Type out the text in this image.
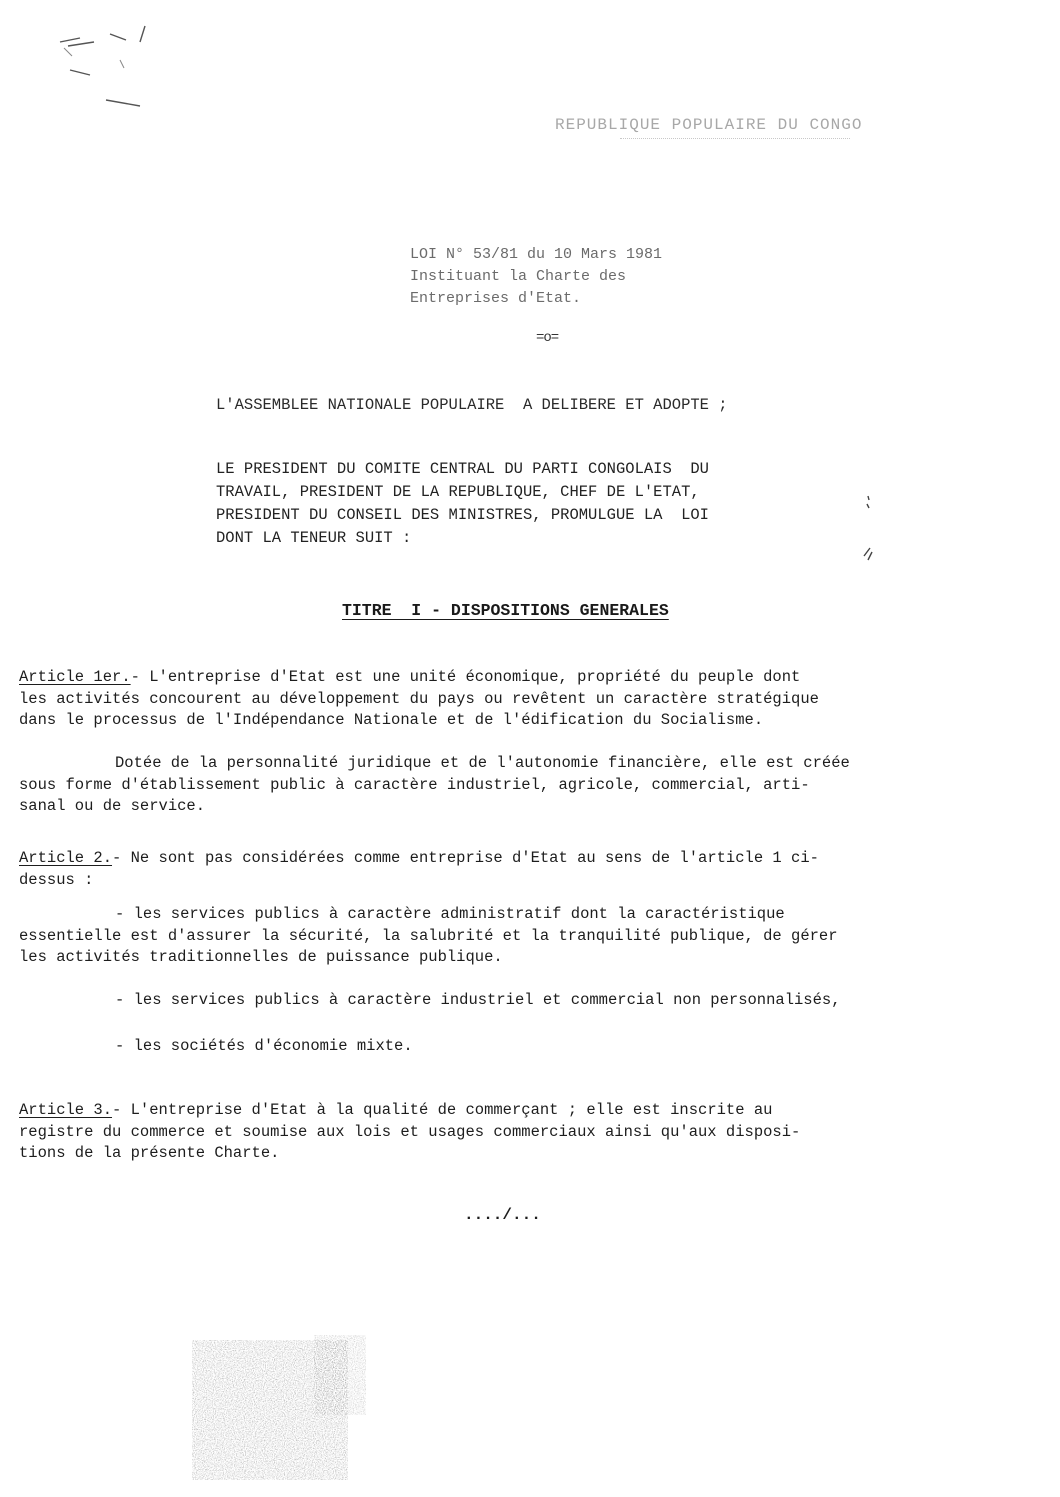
REPUBLIQUE POPULAIRE DU CONGO
LOI N° 53/81 du 10 Mars 1981
Instituant la Charte des
Entreprises d'Etat.
=o=
L'ASSEMBLEE NATIONALE POPULAIRE  A DELIBERE ET ADOPTE ;
LE PRESIDENT DU COMITE CENTRAL DU PARTI CONGOLAIS  DU
TRAVAIL, PRESIDENT DE LA REPUBLIQUE, CHEF DE L'ETAT,
PRESIDENT DU CONSEIL DES MINISTRES, PROMULGUE LA  LOI
DONT LA TENEUR SUIT :
TITRE  I - DISPOSITIONS GENERALES
Article 1er.- L'entreprise d'Etat est une unité économique, propriété du peuple dont
les activités concourent au développement du pays ou revêtent un caractère stratégique
dans le processus de l'Indépendance Nationale et de l'édification du Socialisme.
Dotée de la personnalité juridique et de l'autonomie financière, elle est créée
sous forme d'établissement public à caractère industriel, agricole, commercial, arti-
sanal ou de service.
Article 2.- Ne sont pas considérées comme entreprise d'Etat au sens de l'article 1 ci-
dessus :
- les services publics à caractère administratif dont la caractéristique
essentielle est d'assurer la sécurité, la salubrité et la tranquilité publique, de gérer
les activités traditionnelles de puissance publique.
- les services publics à caractère industriel et commercial non personnalisés,
- les sociétés d'économie mixte.
Article 3.- L'entreprise d'Etat à la qualité de commerçant ; elle est inscrite au
registre du commerce et soumise aux lois et usages commerciaux ainsi qu'aux disposi-
tions de la présente Charte.
..../...
